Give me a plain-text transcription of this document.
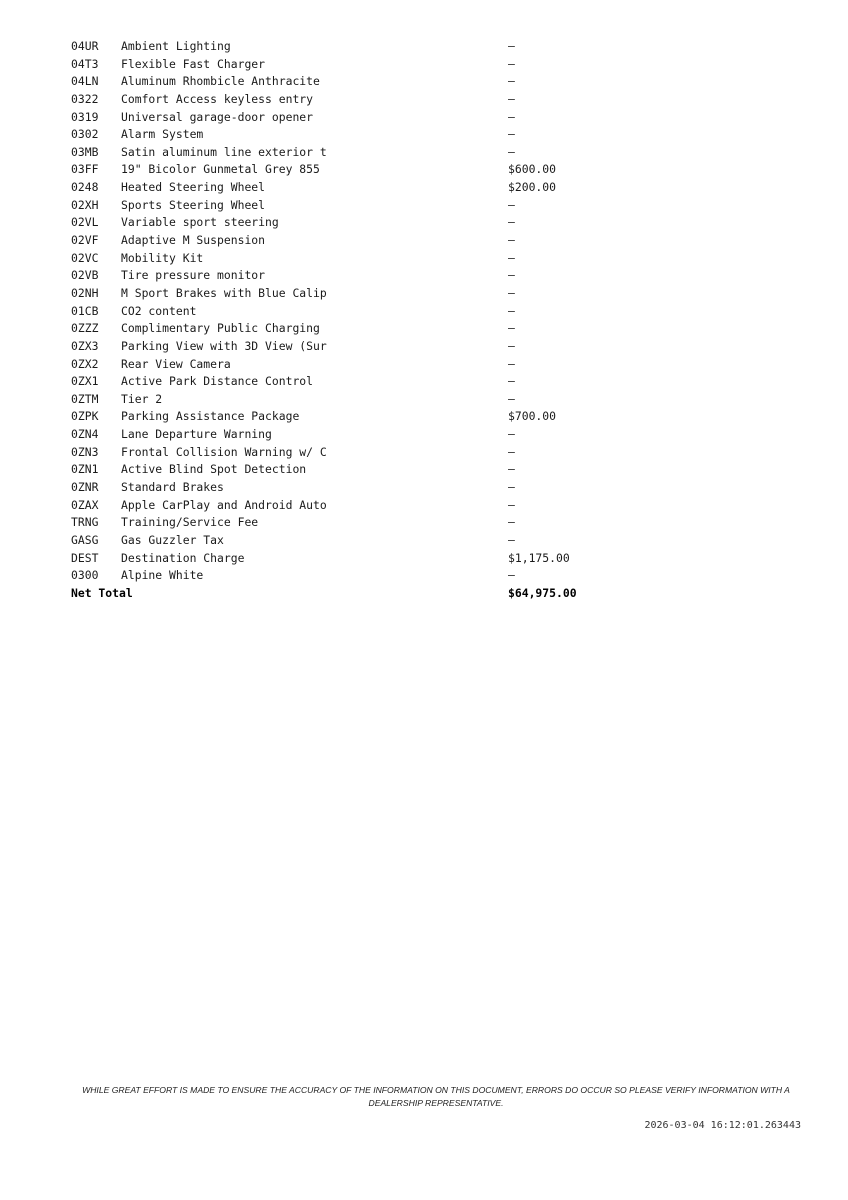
04UR Ambient Lighting	—
04T3 Flexible Fast Charger	—
04LN Aluminum Rhombicle Anthracite	—
0322 Comfort Access keyless entry	—
0319 Universal garage-door opener	—
0302 Alarm System	—
03MB Satin aluminum line exterior t	—
03FF 19" Bicolor Gunmetal Grey 855	$600.00
0248 Heated Steering Wheel	$200.00
02XH Sports Steering Wheel	—
02VL Variable sport steering	—
02VF Adaptive M Suspension	—
02VC Mobility Kit	—
02VB Tire pressure monitor	—
02NH M Sport Brakes with Blue Calip	—
01CB CO2 content	—
0ZZZ Complimentary Public Charging	—
0ZX3 Parking View with 3D View (Sur	—
0ZX2 Rear View Camera	—
0ZX1 Active Park Distance Control	—
0ZTM Tier 2	—
0ZPK Parking Assistance Package	$700.00
0ZN4 Lane Departure Warning	—
0ZN3 Frontal Collision Warning w/ C	—
0ZN1 Active Blind Spot Detection	—
0ZNR Standard Brakes	—
0ZAX Apple CarPlay and Android Auto	—
TRNG Training/Service Fee	—
GASG Gas Guzzler Tax	—
DEST Destination Charge	$1,175.00
0300 Alpine White	—
Net Total	$64,975.00
WHILE GREAT EFFORT IS MADE TO ENSURE THE ACCURACY OF THE INFORMATION ON THIS DOCUMENT, ERRORS DO OCCUR SO PLEASE VERIFY INFORMATION WITH A DEALERSHIP REPRESENTATIVE.
2026-03-04 16:12:01.263443
